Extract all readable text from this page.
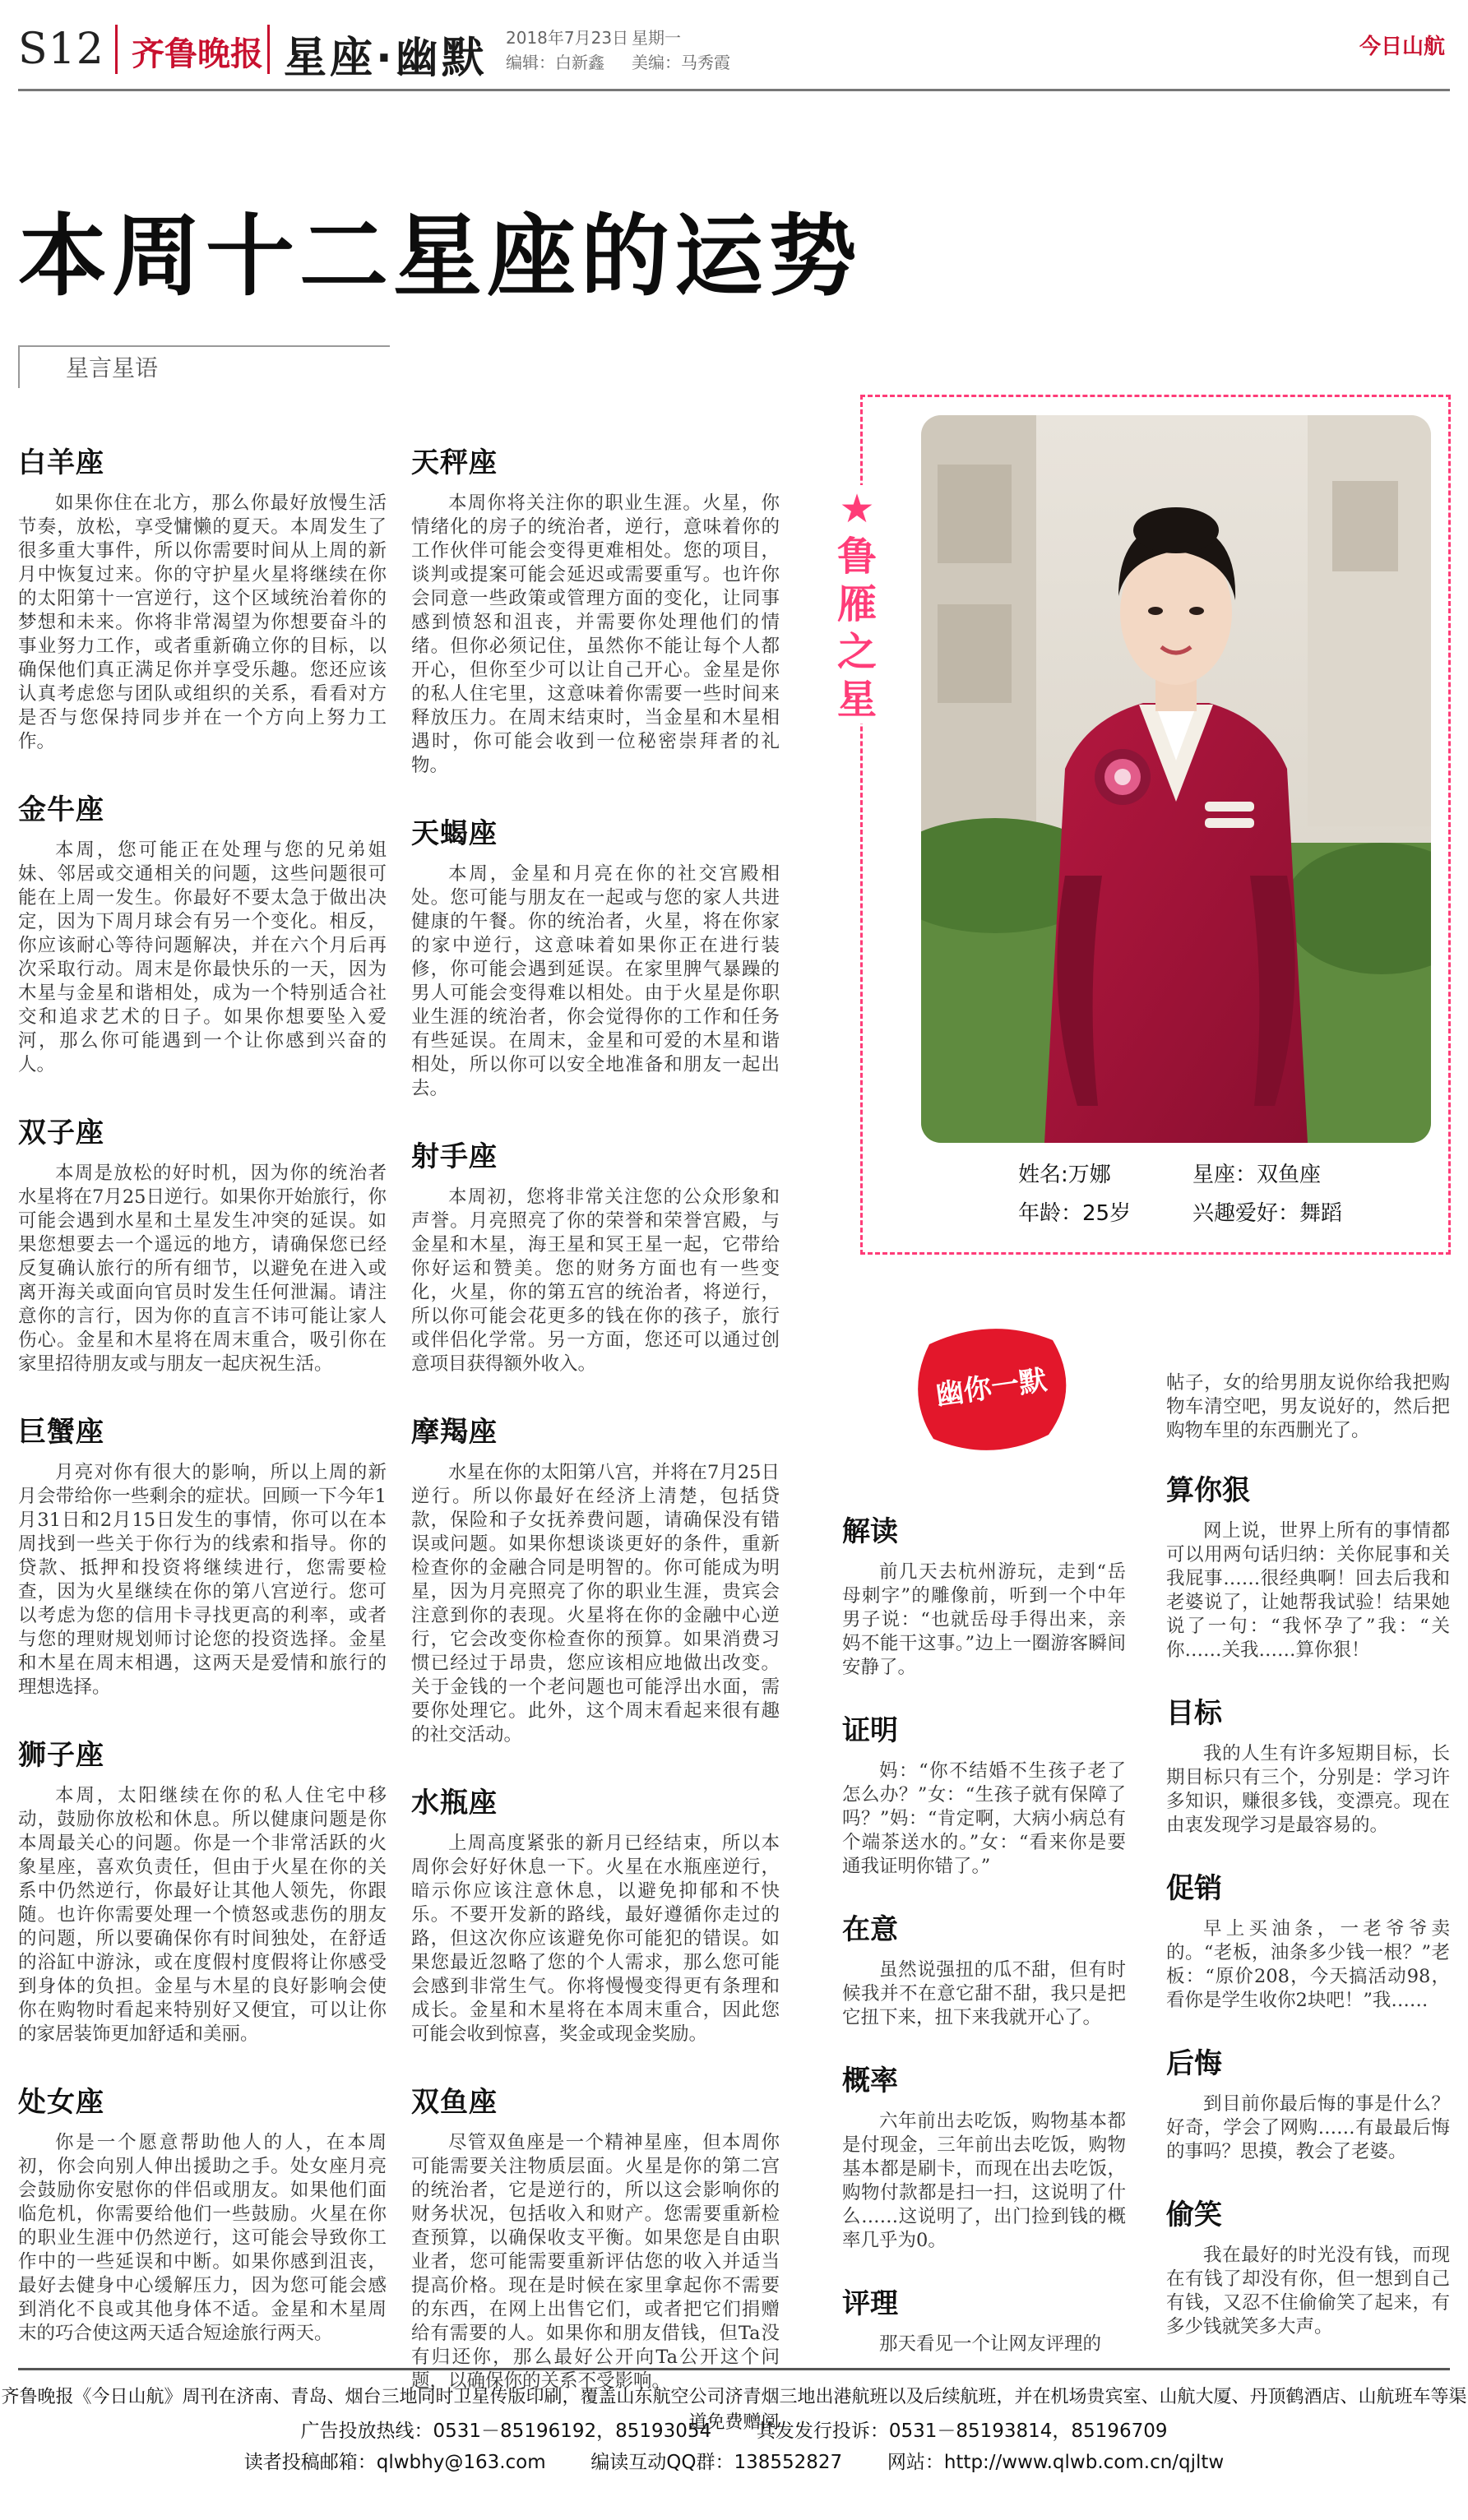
S12 齐鲁晚报 星座·幽默 2018年7月23日 星期一
编辑：白新鑫 美编：马秀霞
今日山航
本周十二星座的运势
星言星语
白羊座

如果你住在北方，那么你最好放慢生活节奏，放松，享受慵懒的夏天。本周发生了很多重大事件，所以你需要时间从上周的新月中恢复过来。你的守护星火星将继续在你的太阳第十一宫逆行，这个区域统治着你的梦想和未来。你将非常渴望为你想要奋斗的事业努力工作，或者重新确立你的目标，以确保他们真正满足你并享受乐趣。您还应该认真考虑您与团队或组织的关系，看看对方是否与您保持同步并在一个方向上努力工作。

金牛座

本周，您可能正在处理与您的兄弟姐妹、邻居或交通相关的问题，这些问题很可能在上周一发生。你最好不要太急于做出决定，因为下周月球会有另一个变化。相反，你应该耐心等待问题解决，并在六个月后再次采取行动。周末是你最快乐的一天，因为木星与金星和谐相处，成为一个特别适合社交和追求艺术的日子。如果你想要坠入爱河，那么你可能遇到一个让你感到兴奋的人。

双子座

本周是放松的好时机，因为你的统治者水星将在7月25日逆行。如果你开始旅行，你可能会遇到水星和土星发生冲突的延误。如果您想要去一个遥远的地方，请确保您已经反复确认旅行的所有细节，以避免在进入或离开海关或面向官员时发生任何泄漏。请注意你的言行，因为你的直言不讳可能让家人伤心。金星和木星将在周末重合，吸引你在家里招待朋友或与朋友一起庆祝生活。

巨蟹座

月亮对你有很大的影响，所以上周的新月会带给你一些剩余的症状。回顾一下今年1月31日和2月15日发生的事情，你可以在本周找到一些关于你行为的线索和指导。你的贷款、抵押和投资将继续进行，您需要检查，因为火星继续在你的第八宫逆行。您可以考虑为您的信用卡寻找更高的利率，或者与您的理财规划师讨论您的投资选择。金星和木星在周末相遇，这两天是爱情和旅行的理想选择。

狮子座

本周，太阳继续在你的私人住宅中移动，鼓励你放松和休息。所以健康问题是你本周最关心的问题。你是一个非常活跃的火象星座，喜欢负责任，但由于火星在你的关系中仍然逆行，你最好让其他人领先，你跟随。也许你需要处理一个愤怒或悲伤的朋友的问题，所以要确保你有时间独处，在舒适的浴缸中游泳，或在度假村度假将让你感受到身体的负担。金星与木星的良好影响会使你在购物时看起来特别好又便宜，可以让你的家居装饰更加舒适和美丽。

处女座

你是一个愿意帮助他人的人，在本周初，你会向别人伸出援助之手。处女座月亮会鼓励你安慰你的伴侣或朋友。如果他们面临危机，你需要给他们一些鼓励。火星在你的职业生涯中仍然逆行，这可能会导致你工作中的一些延误和中断。如果你感到沮丧，最好去健身中心缓解压力，因为您可能会感到消化不良或其他身体不适。金星和木星周末的巧合使这两天适合短途旅行两天。

天秤座

本周你将关注你的职业生涯。火星，你情绪化的房子的统治者，逆行，意味着你的工作伙伴可能会变得更难相处。您的项目，谈判或提案可能会延迟或需要重写。也许你会同意一些政策或管理方面的变化，让同事感到愤怒和沮丧，并需要你处理他们的情绪。但你必须记住，虽然你不能让每个人都开心，但你至少可以让自己开心。金星是你的私人住宅里，这意味着你需要一些时间来释放压力。在周末结束时，当金星和木星相遇时，你可能会收到一位秘密崇拜者的礼物。

天蝎座

本周，金星和月亮在你的社交宫殿相处。您可能与朋友在一起或与您的家人共进健康的午餐。你的统治者，火星，将在你家的家中逆行，这意味着如果你正在进行装修，你可能会遇到延误。在家里脾气暴躁的男人可能会变得难以相处。由于火星是你职业生涯的统治者，你会觉得你的工作和任务有些延误。在周末，金星和可爱的木星和谐相处，所以你可以安全地准备和朋友一起出去。

射手座

本周初，您将非常关注您的公众形象和声誉。月亮照亮了你的荣誉和荣誉宫殿，与金星和木星，海王星和冥王星一起，它带给你好运和赞美。您的财务方面也有一些变化，火星，你的第五宫的统治者，将逆行，所以你可能会花更多的钱在你的孩子，旅行或伴侣化学常。另一方面，您还可以通过创意项目获得额外收入。

摩羯座

水星在你的太阳第八宫，并将在7月25日逆行。所以你最好在经济上清楚，包括贷款，保险和子女抚养费问题，请确保没有错误或问题。如果你想谈谈更好的条件，重新检查你的金融合同是明智的。你可能成为明星，因为月亮照亮了你的职业生涯，贵宾会注意到你的表现。火星将在你的金融中心逆行，它会改变你检查你的预算。如果消费习惯已经过于昂贵，您应该相应地做出改变。关于金钱的一个老问题也可能浮出水面，需要你处理它。此外，这个周末看起来很有趣的社交活动。

水瓶座

上周高度紧张的新月已经结束，所以本周你会好好休息一下。火星在水瓶座逆行，暗示你应该注意休息，以避免抑郁和不快乐。不要开发新的路线，最好遵循你走过的路，但这次你应该避免你可能犯的错误。如果您最近忽略了您的个人需求，那么您可能会感到非常生气。你将慢慢变得更有条理和成长。金星和木星将在本周末重合，因此您可能会收到惊喜，奖金或现金奖励。

双鱼座

尽管双鱼座是一个精神星座，但本周你可能需要关注物质层面。火星是你的第二宫的统治者，它是逆行的，所以这会影响你的财务状况，包括收入和财产。您需要重新检查预算，以确保收支平衡。如果您是自由职业者，您可能需要重新评估您的收入并适当提高价格。现在是时候在家里拿起你不需要的东西，在网上出售它们，或者把它们捐赠给有需要的人。如果你和朋友借钱，但Ta没有归还你，那么最好公开向Ta公开这个问题，以确保你的关系不受影响。

★
鲁雁之星
姓名:万娜	星座：双鱼座
年龄：25岁	兴趣爱好：舞蹈
幽你一默
解读

前几天去杭州游玩，走到“岳母刺字”的雕像前，听到一个中年男子说：“也就岳母手得出来，亲妈不能干这事。”边上一圈游客瞬间安静了。

证明

妈：“你不结婚不生孩子老了怎么办？”女：“生孩子就有保障了吗？”妈：“肯定啊，大病小病总有个端茶送水的。”女：“看来你是要通我证明你错了。”

在意

虽然说强扭的瓜不甜，但有时候我并不在意它甜不甜，我只是把它扭下来，扭下来我就开心了。

概率

六年前出去吃饭，购物基本都是付现金，三年前出去吃饭，购物基本都是刷卡，而现在出去吃饭，购物付款都是扫一扫，这说明了什么……这说明了，出门捡到钱的概率几乎为0。

评理

那天看见一个让网友评理的

帖子，女的给男朋友说你给我把购物车清空吧，男友说好的，然后把购物车里的东西删光了。

算你狠

网上说，世界上所有的事情都可以用两句话归纳：关你屁事和关我屁事……很经典啊！回去后我和老婆说了，让她帮我试验！结果她说了一句：“我怀孕了”我：“关你……关我……算你狠！

目标

我的人生有许多短期目标，长期目标只有三个，分别是：学习许多知识，赚很多钱，变漂亮。现在由衷发现学习是最容易的。

促销

早上买油条，一老爷爷卖的。“老板，油条多少钱一根？”老板：“原价208，今天搞活动98，看你是学生收你2块吧！”我……

后悔

到目前你最后悔的事是什么？好奇，学会了网购……有最最后悔的事吗？思摸，教会了老婆。

偷笑

我在最好的时光没有钱，而现在有钱了却没有你，但一想到自己有钱，又忍不住偷偷笑了起来，有多少钱就笑多大声。

齐鲁晚报《今日山航》周刊在济南、青岛、烟台三地同时卫星传版印刷，覆盖山东航空公司济青烟三地出港航班以及后续航班，并在机场贵宾室、山航大厦、丹顶鹤酒店、山航班车等渠道免费赠阅
广告投放热线：0531－85196192，85193054 其发发行投诉：0531－85193814，85196709
读者投稿邮箱：qlwbhy@163.com 编读互动QQ群：138552827 网站：http://www.qlwb.com.cn/qjltw
